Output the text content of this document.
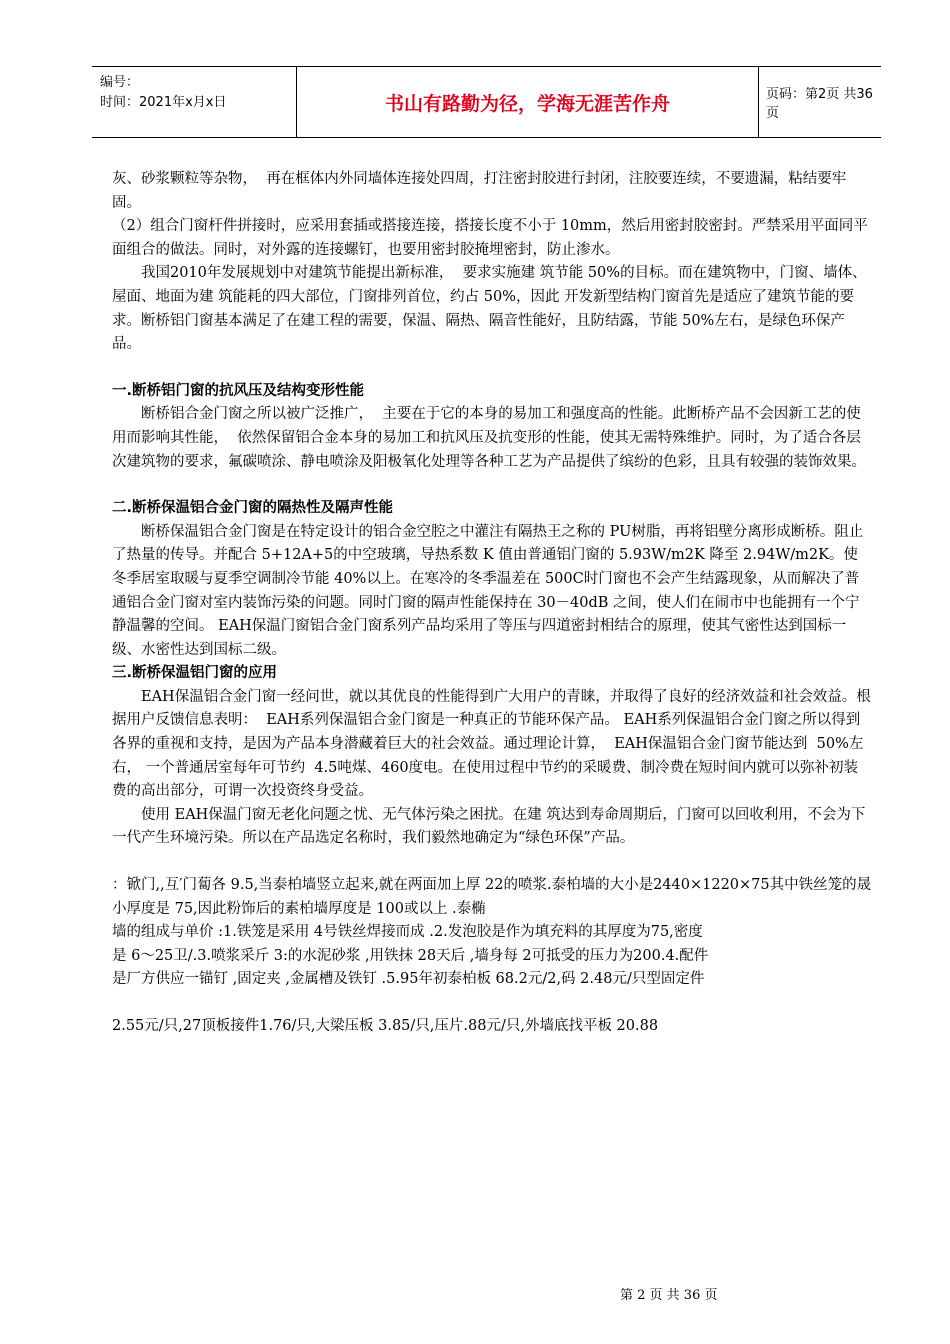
编号：
时间：2021年x月x日	书山有路勤为径，学海无涯苦作舟	页码：第2页 共36页

灰、砂浆颗粒等杂物，  再在框体内外同墙体连接处四周，打注密封胶进行封闭，注胶要连续，不要遗漏，粘结要牢固。

（2）组合门窗杆件拼接时，应采用套插或搭接连接，搭接长度不小于 10mm，然后用密封胶密封。严禁采用平面同平面组合的做法。同时，对外露的连接螺钉，也要用密封胶掩埋密封，防止渗水。

我国2010年发展规划中对建筑节能提出新标准，  要求实施建 筑节能 50%的目标。而在建筑物中，门窗、墙体、屋面、地面为建 筑能耗的四大部位，门窗排列首位，约占 50%，因此 开发新型结构门窗首先是适应了建筑节能的要求。断桥铝门窗基本满足了在建工程的需要，保温、隔热、隔音性能好，且防结露，节能 50%左右，是绿色环保产品。

一.断桥铝门窗的抗风压及结构变形性能

断桥铝合金门窗之所以被广泛推广，  主要在于它的本身的易加工和强度高的性能。此断桥产品不会因新工艺的使用而影响其性能，  依然保留铝合金本身的易加工和抗风压及抗变形的性能，使其无需特殊维护。同时，为了适合各层次建筑物的要求，氟碳喷涂、静电喷涂及阳极氧化处理等各种工艺为产品提供了缤纷的色彩，且具有较强的装饰效果。

二.断桥保温铝合金门窗的隔热性及隔声性能

断桥保温铝合金门窗是在特定设计的铝合金空腔之中灌注有隔热王之称的 PU树脂，再将铝壁分离形成断桥。阻止了热量的传导。并配合 5+12A+5的中空玻璃，导热系数 K 值由普通铝门窗的 5.93W/m2K 降至 2.94W/m2K。使冬季居室取暖与夏季空调制冷节能 40%以上。在寒冷的冬季温差在 500C时门窗也不会产生结露现象，从而解决了普通铝合金门窗对室内装饰污染的问题。同时门窗的隔声性能保持在 30－40dB 之间，使人们在闹市中也能拥有一个宁静温馨的空间。 EAH保温门窗铝合金门窗系列产品均采用了等压与四道密封相结合的原理，使其气密性达到国标一级、水密性达到国标二级。

三.断桥保温铝门窗的应用

EAH保温铝合金门窗一经问世，就以其优良的性能得到广大用户的青睐，并取得了良好的经济效益和社会效益。根据用户反馈信息表明：  EAH系列保温铝合金门窗是一种真正的节能环保产品。 EAH系列保温铝合金门窗之所以得到各界的重视和支持，是因为产品本身潜藏着巨大的社会效益。通过理论计算，  EAH保温铝合金门窗节能达到  50%左右， 一个普通居室每年可节约  4.5吨煤、460度电。在使用过程中节约的采暖费、制冷费在短时间内就可以弥补初装费的高出部分，可谓一次投资终身受益。

使用 EAH保温门窗无老化问题之忧、无气体污染之困扰。在建 筑达到寿命周期后，门窗可以回收利用，不会为下一代产生环境污染。所以在产品选定名称时，我们毅然地确定为“绿色环保”产品。

：锨门,,互′门蔔各 9.5,当泰柏墙竖立起来,就在两面加上厚 22的喷浆.泰柏墙的大小是2440×1220×75其中铁丝笼的晟小厚度是 75,因此粉饰后的素柏墙厚度是 100或以上 .泰椭

墙的组成与单价 :1.铁笼是采用 4号铁丝焊接而成 .2.发泡胶是作为填充料的其厚度为75,密度

是 6～25卫/.3.喷浆采斤 3:的水泥砂浆 ,用铁抹 28天后 ,墙身每 2可抵受的压力为200.4.配件

是厂方供应一锚钉 ,固定夹 ,金属槽及铁钉 .5.95年初泰柏板 68.2元/2,码 2.48元/只型固定件

2.55元/只,27顶板接件1.76/只,大梁压板 3.85/只,压片.88元/只,外墙底找平板 20.88

第 2 页 共 36 页
